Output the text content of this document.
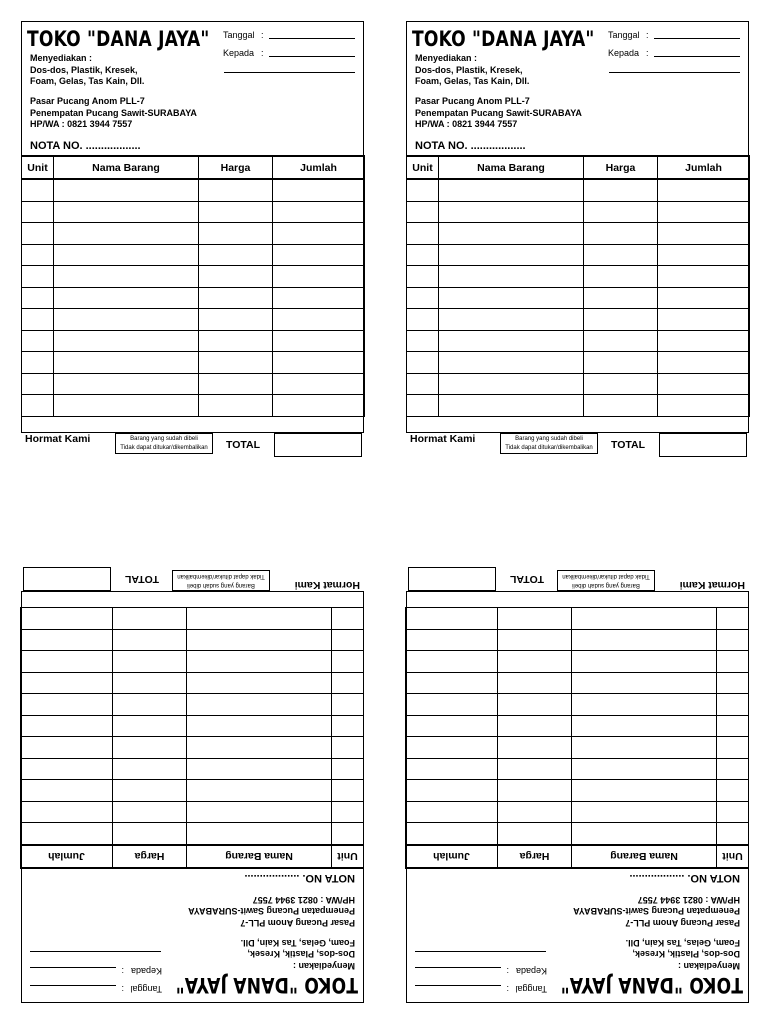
TOKO "DANA JAYA" Tanggal :
Kepada :
Menyediakan :
Dos-dos, Plastik, Kresek,
Foam, Gelas, Tas Kain, Dll.
Pasar Pucang Anom PLL-7
Penempatan Pucang Sawit-SURABAYA
HP/WA : 0821 3944 7557
NOTA NO. ..................
Unit	Nama Barang	Harga	Jumlah

Hormat Kami	Barang yang sudah dibeli
Tidak dapat ditukar/dikembalikan	TOTAL
TOKO "DANA JAYA" Tanggal :
Kepada :
Menyediakan :
Dos-dos, Plastik, Kresek,
Foam, Gelas, Tas Kain, Dll.
Pasar Pucang Anom PLL-7
Penempatan Pucang Sawit-SURABAYA
HP/WA : 0821 3944 7557
NOTA NO. ..................
Unit	Nama Barang	Harga	Jumlah

Hormat Kami	Barang yang sudah dibeli
Tidak dapat ditukar/dikembalikan	TOTAL
TOKO "DANA JAYA"
Tanggal
:
Kepada
:	Menyediakan :
Dos-dos, Plastik, Kresek,
Foam, Gelas, Tas Kain, Dll.
Pasar Pucang Anom PLL-7
Penempatan Pucang Sawit-SURABAYA
HP/WA : 0821 3944 7557
NOTA NO. ..................
Unit	Nama Barang	Harga	Jumlah

Hormat Kami
Barang yang sudah dibeli
Tidak dapat ditukar/dikembalikan
TOTAL
TOKO "DANA JAYA"
Tanggal
:
Kepada
:	Menyediakan :
Dos-dos, Plastik, Kresek,
Foam, Gelas, Tas Kain, Dll.
Pasar Pucang Anom PLL-7
Penempatan Pucang Sawit-SURABAYA
HP/WA : 0821 3944 7557
NOTA NO. ..................
Unit	Nama Barang	Harga	Jumlah

Hormat Kami
Barang yang sudah dibeli
Tidak dapat ditukar/dikembalikan
TOTAL
